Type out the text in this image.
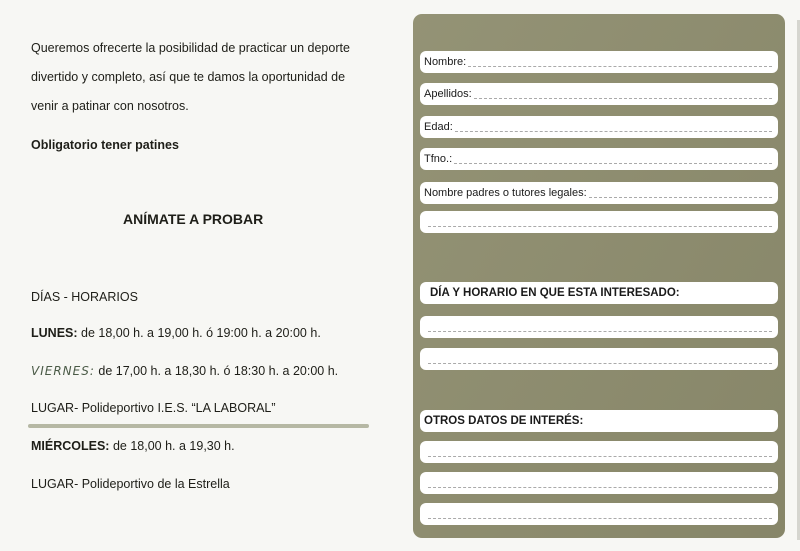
Queremos ofrecerte la posibilidad de practicar un deporte
divertido y completo, así que te damos la oportunidad de
venir a patinar con nosotros.
Obligatorio tener patines
ANÍMATE A PROBAR
DÍAS - HORARIOS
LUNES: de 18,00 h. a 19,00 h. ó 19:00 h. a 20:00 h.
VIERNES: de 17,00 h. a 18,30 h. ó 18:30 h. a 20:00 h.
LUGAR- Polideportivo I.E.S. “LA LABORAL”
MIÉRCOLES: de 18,00 h. a 19,30 h.
LUGAR- Polideportivo de la Estrella
Nombre:
Apellidos:
Edad:
Tfno.:
Nombre padres o tutores legales:
DÍA Y HORARIO EN QUE ESTA INTERESADO:
OTROS DATOS DE INTERÉS:
